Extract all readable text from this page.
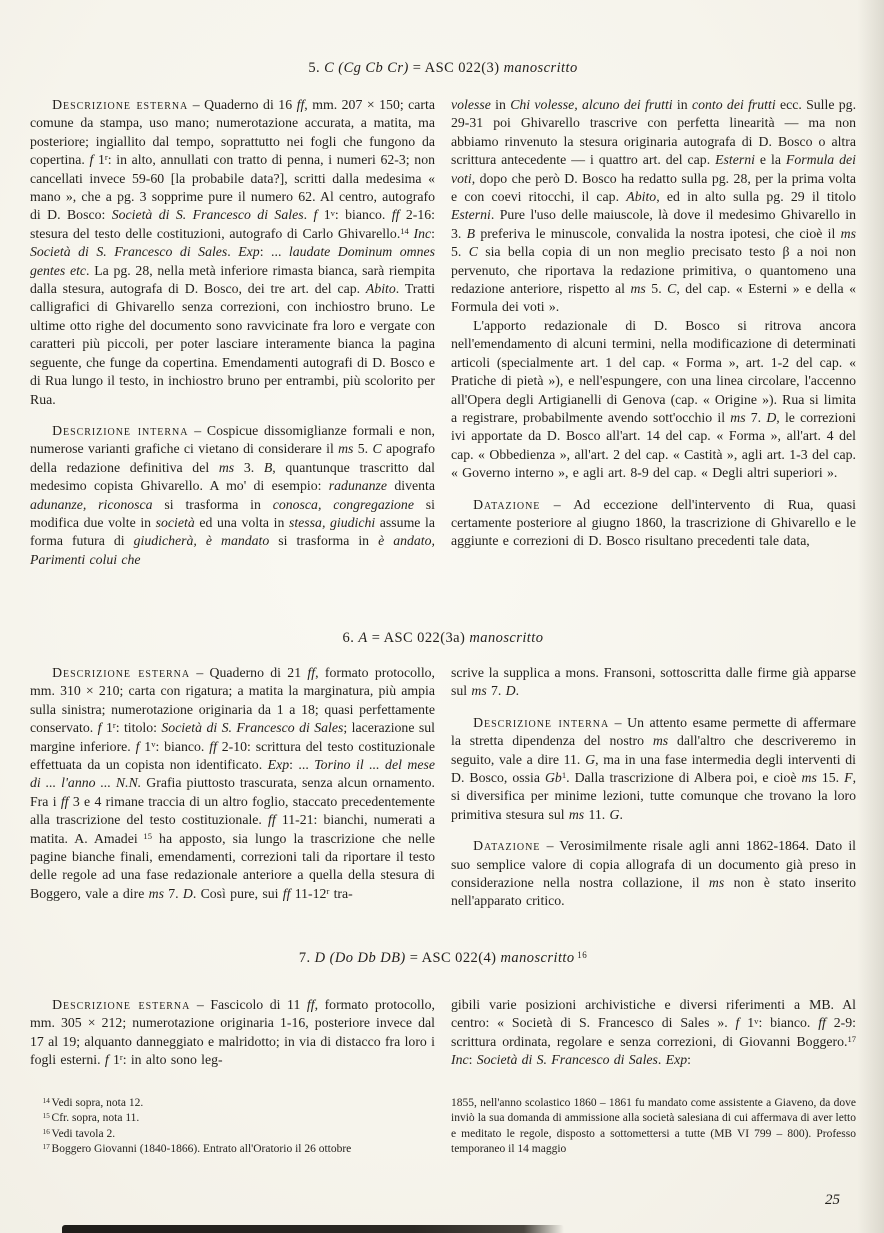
5. C (Cg Cb Cr) = ASC 022(3) manoscritto

Descrizione esterna – Quaderno di 16 ff, mm. 207 × 150; carta comune da stampa, uso mano; numerotazione accurata, a matita, ma posteriore; ingiallito dal tempo, soprattutto nei fogli che fungono da copertina. f 1$^r$: in alto, annullati con tratto di penna, i numeri 62-3; non cancellati invece 59-60 [la probabile data?], scritti dalla medesima « mano », che a pg. 3 sopprime pure il numero 62. Al centro, autografo di D. Bosco: Società di S. Francesco di Sales. f 1$^v$: bianco. ff 2-16: stesura del testo delle costituzioni, autografo di Carlo Ghivarello.$^{14}$ Inc: Società di S. Francesco di Sales. Exp: ... laudate Dominum omnes gentes etc. La pg. 28, nella metà inferiore rimasta bianca, sarà riempita dalla stesura, autografa di D. Bosco, dei tre art. del cap. Abito. Tratti calligrafici di Ghivarello senza correzioni, con inchiostro bruno. Le ultime otto righe del documento sono ravvicinate fra loro e vergate con caratteri più piccoli, per poter lasciare interamente bianca la pagina seguente, che funge da copertina. Emendamenti autografi di D. Bosco e di Rua lungo il testo, in inchiostro bruno per entrambi, più scolorito per Rua.

Descrizione interna – Cospicue dissomiglianze formali e non, numerose varianti grafiche ci vietano di considerare il ms 5. C apografo della redazione definitiva del ms 3. B, quantunque trascritto dal medesimo copista Ghivarello. A mo' di esempio: radunanze diventa adunanze, riconosca si trasforma in conosca, congregazione si modifica due volte in società ed una volta in stessa, giudichi assume la forma futura di giudicherà, è mandato si trasforma in è andato, Parimenti colui che

volesse in Chi volesse, alcuno dei frutti in conto dei frutti ecc. Sulle pg. 29-31 poi Ghivarello trascrive con perfetta linearità — ma non abbiamo rinvenuto la stesura originaria autografa di D. Bosco o altra scrittura antecedente — i quattro art. del cap. Esterni e la Formula dei voti, dopo che però D. Bosco ha redatto sulla pg. 28, per la prima volta e con coevi ritocchi, il cap. Abito, ed in alto sulla pg. 29 il titolo Esterni. Pure l'uso delle maiuscole, là dove il medesimo Ghivarello in 3. B preferiva le minuscole, convalida la nostra ipotesi, che cioè il ms 5. C sia bella copia di un non meglio precisato testo β a noi non pervenuto, che riportava la redazione primitiva, o quantomeno una redazione anteriore, rispetto al ms 5. C, del cap. « Esterni » e della « Formula dei voti ».

L'apporto redazionale di D. Bosco si ritrova ancora nell'emendamento di alcuni termini, nella modificazione di determinati articoli (specialmente art. 1 del cap. « Forma », art. 1-2 del cap. « Pratiche di pietà »), e nell'espungere, con una linea circolare, l'accenno all'Opera degli Artigianelli di Genova (cap. « Origine »). Rua si limita a registrare, probabilmente avendo sott'occhio il ms 7. D, le correzioni ivi apportate da D. Bosco all'art. 14 del cap. « Forma », all'art. 4 del cap. « Obbedienza », all'art. 2 del cap. « Castità », agli art. 1-3 del cap. « Governo interno », e agli art. 8-9 del cap. « Degli altri superiori ».

Datazione – Ad eccezione dell'intervento di Rua, quasi certamente posteriore al giugno 1860, la trascrizione di Ghivarello e le aggiunte e correzioni di D. Bosco risultano precedenti tale data,

6. A = ASC 022(3a) manoscritto

Descrizione esterna – Quaderno di 21 ff, formato protocollo, mm. 310 × 210; carta con rigatura; a matita la marginatura, più ampia sulla sinistra; numerotazione originaria da 1 a 18; quasi perfettamente conservato. f 1$^r$: titolo: Società di S. Francesco di Sales; lacerazione sul margine inferiore. f 1$^v$: bianco. ff 2-10: scrittura del testo costituzionale effettuata da un copista non identificato. Exp: ... Torino il ... del mese di ... l'anno ... N.N. Grafia piuttosto trascurata, senza alcun ornamento. Fra i ff 3 e 4 rimane traccia di un altro foglio, staccato precedentemente alla trascrizione del testo costituzionale. ff 11-21: bianchi, numerati a matita. A. Amadei $^{15}$ ha apposto, sia lungo la trascrizione che nelle pagine bianche finali, emendamenti, correzioni tali da riportare il testo delle regole ad una fase redazionale anteriore a quella della stesura di Boggero, vale a dire ms 7. D. Così pure, sui ff 11-12$^r$ tra-

scrive la supplica a mons. Fransoni, sottoscritta dalle firme già apparse sul ms 7. D.

Descrizione interna – Un attento esame permette di affermare la stretta dipendenza del nostro ms dall'altro che descriveremo in seguito, vale a dire 11. G, ma in una fase intermedia degli interventi di D. Bosco, ossia Gb$^1$. Dalla trascrizione di Albera poi, e cioè ms 15. F, si diversifica per minime lezioni, tutte comunque che trovano la loro primitiva stesura sul ms 11. G.

Datazione – Verosimilmente risale agli anni 1862-1864. Dato il suo semplice valore di copia allografa di un documento già preso in considerazione nella nostra collazione, il ms non è stato inserito nell'apparato critico.

7. D (Do Db DB) = ASC 022(4) manoscritto $^{16}$

Descrizione esterna – Fascicolo di 11 ff, formato protocollo, mm. 305 × 212; numerotazione originaria 1-16, posteriore invece dal 17 al 19; alquanto danneggiato e malridotto; in via di distacco fra loro i fogli esterni. f 1$^r$: in alto sono leg-

gibili varie posizioni archivistiche e diversi riferimenti a MB. Al centro: « Società di S. Francesco di Sales ». f 1$^v$: bianco. ff 2-9: scrittura ordinata, regolare e senza correzioni, di Giovanni Boggero.$^{17}$ Inc: Società di S. Francesco di Sales. Exp:

$^{14}$ Vedi sopra, nota 12.

$^{15}$ Cfr. sopra, nota 11.

$^{16}$ Vedi tavola 2.

$^{17}$ Boggero Giovanni (1840-1866). Entrato all'Oratorio il 26 ottobre

1855, nell'anno scolastico 1860 – 1861 fu mandato come assistente a Giaveno, da dove inviò la sua domanda di ammissione alla società salesiana di cui affermava di aver letto e meditato le regole, disposto a sottomettersi a tutte (MB VI 799 – 800). Professo temporaneo il 14 maggio

25
